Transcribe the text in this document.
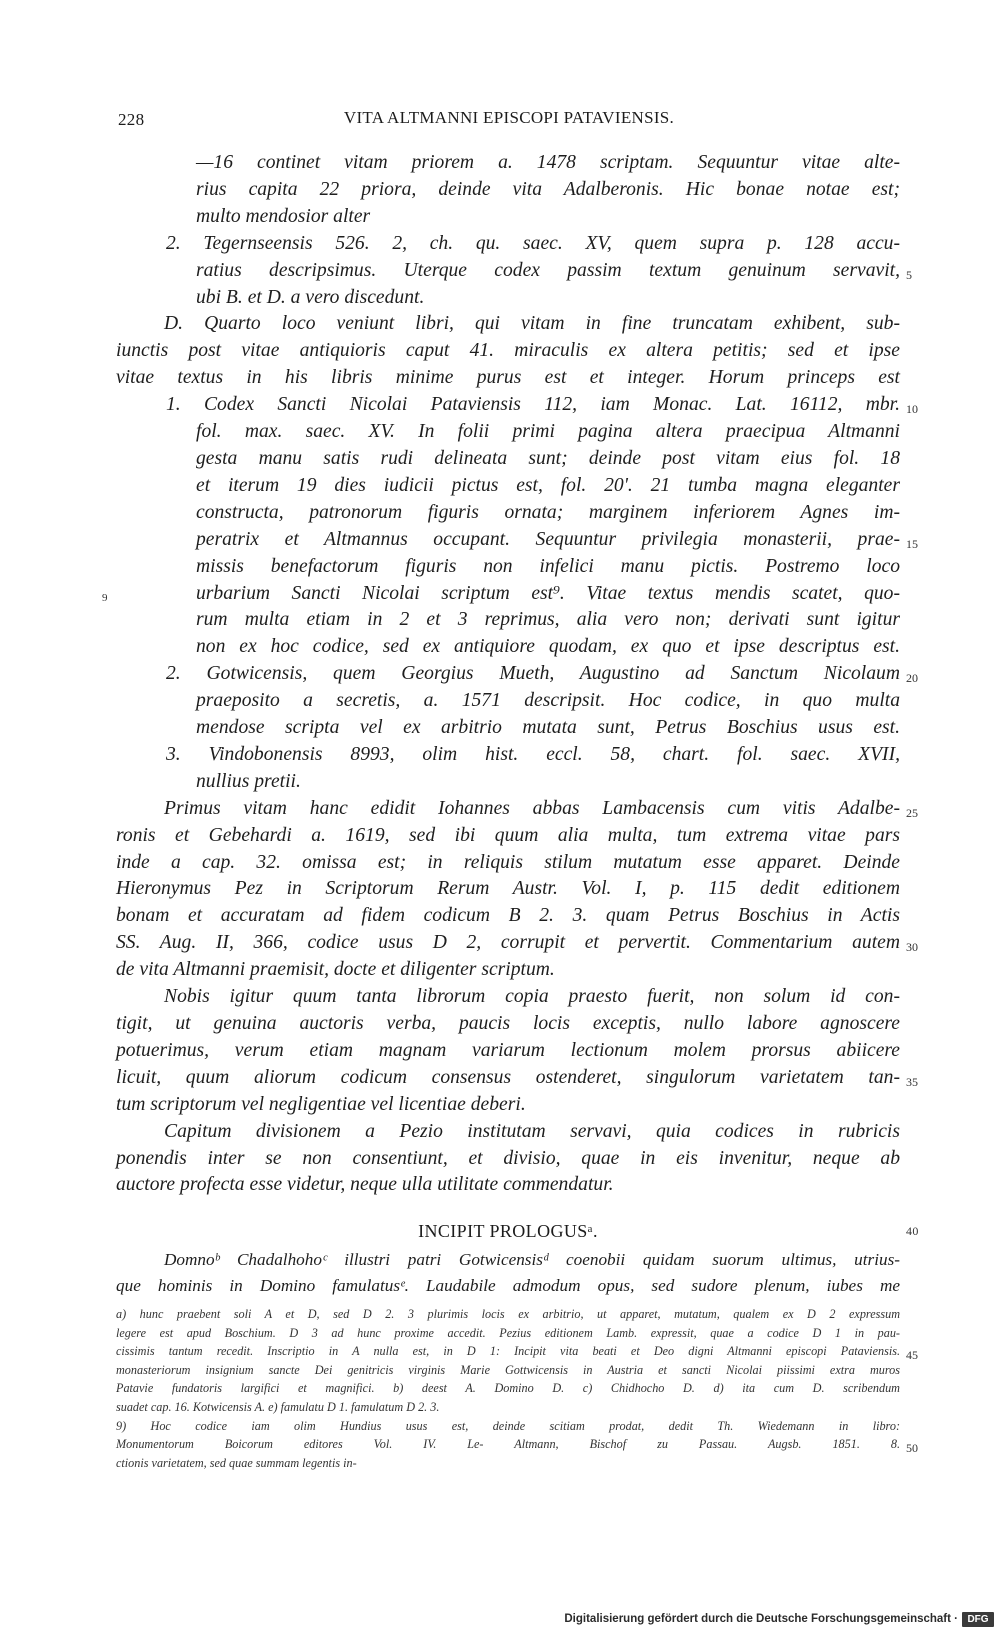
228	VITA ALTMANNI EPISCOPI PATAVIENSIS.
—16 continet vitam priorem a. 1478 scriptam. Sequuntur vitae alte-
rius capita 22 priora, deinde vita Adalberonis. Hic bonae notae est;
multo mendosior alter
2. Tegernseensis 526. 2, ch. qu. saec. XV, quem supra p. 128 accu-
ratius descripsimus. Uterque codex passim textum genuinum servavit, 5
ubi B. et D. a vero discedunt.
D. Quarto loco veniunt libri, qui vitam in fine truncatam exhibent, sub-
iunctis post vitae antiquioris caput 41. miraculis ex altera petitis; sed et ipse
vitae textus in his libris minime purus est et integer. Horum princeps est
1. Codex Sancti Nicolai Pataviensis 112, iam Monac. Lat. 16112, mbr. 10
fol. max. saec. XV. In folii primi pagina altera praecipua Altmanni
gesta manu satis rudi delineata sunt; deinde post vitam eius fol. 18
et iterum 19 dies iudicii pictus est, fol. 20'. 21 tumba magna eleganter
constructa, patronorum figuris ornata; marginem inferiorem Agnes im-
peratrix et Altmannus occupant. Sequuntur privilegia monasterii, prae- 15
missis benefactorum figuris non infelici manu pictis. Postremo loco
urbarium Sancti Nicolai scriptum est⁹. Vitae textus mendis scatet, quo-
9
rum multa etiam in 2 et 3 reprimus, alia vero non; derivati sunt igitur
non ex hoc codice, sed ex antiquiore quodam, ex quo et ipse descriptus est.
2. Gotwicensis, quem Georgius Mueth, Augustino ad Sanctum Nicolaum 20
praeposito a secretis, a. 1571 descripsit. Hoc codice, in quo multa
mendose scripta vel ex arbitrio mutata sunt, Petrus Boschius usus est.
3. Vindobonensis 8993, olim hist. eccl. 58, chart. fol. saec. XVII,
nullius pretii.
Primus vitam hanc edidit Iohannes abbas Lambacensis cum vitis Adalbe- 25
ronis et Gebehardi a. 1619, sed ibi quum alia multa, tum extrema vitae pars
inde a cap. 32. omissa est; in reliquis stilum mutatum esse apparet. Deinde
Hieronymus Pez in Scriptorum Rerum Austr. Vol. I, p. 115 dedit editionem
bonam et accuratam ad fidem codicum B 2. 3. quam Petrus Boschius in Actis
SS. Aug. II, 366, codice usus D 2, corrupit et pervertit. Commentarium autem 30
de vita Altmanni praemisit, docte et diligenter scriptum.
Nobis igitur quum tanta librorum copia praesto fuerit, non solum id con-
tigit, ut genuina auctoris verba, paucis locis exceptis, nullo labore agnoscere
potuerimus, verum etiam magnam variarum lectionum molem prorsus abiicere
licuit, quum aliorum codicum consensus ostenderet, singulorum varietatem tan- 35
tum scriptorum vel negligentiae vel licentiae deberi.
Capitum divisionem a Pezio institutam servavi, quia codices in rubricis
ponendis inter se non consentiunt, et divisio, quae in eis invenitur, neque ab
auctore profecta esse videtur, neque ulla utilitate commendatur.
INCIPIT PROLOGUSᵃ.	40
Domnoᵇ Chadalhohoᶜ illustri patri Gotwicensisᵈ coenobii quidam suorum ultimus, utrius-
que hominis in Domino famulatusᵉ. Laudabile admodum opus, sed sudore plenum, iubes me
a) hunc praebent soli A et D, sed D 2. 3 plurimis locis ex arbitrio, ut apparet, mutatum, qualem ex D 2 expressum
legere est apud Boschium. D 3 ad hunc proxime accedit. Pezius editionem Lamb. expressit, quae a codice D 1 in pau-
cissimis tantum recedit. Inscriptio in A nulla est, in D 1: Incipit vita beati et Deo digni Altmanni episcopi Pataviensis. 45
monasteriorum insignium sancte Dei genitricis virginis Marie Gottwicensis in Austria et sancti Nicolai piissimi extra muros
Patavie fundatoris largifici et magnifici. b) deest A. Domino D. c) Chidhocho D. d) ita cum D. scribendum
suadet cap. 16. Kotwicensis A. e) famulatu D 1. famulatum D 2. 3.
9) Hoc codice iam olim Hundius usus est, deinde scitiam prodat, dedit Th. Wiedemann in libro:
Monumentorum Boicorum editores Vol. IV. Le- Altmann, Bischof zu Passau. Augsb. 1851. 8. 50
ctionis varietatem, sed quae summam legentis in-
Digitalisierung gefördert durch die Deutsche Forschungsgemeinschaft · DFG
